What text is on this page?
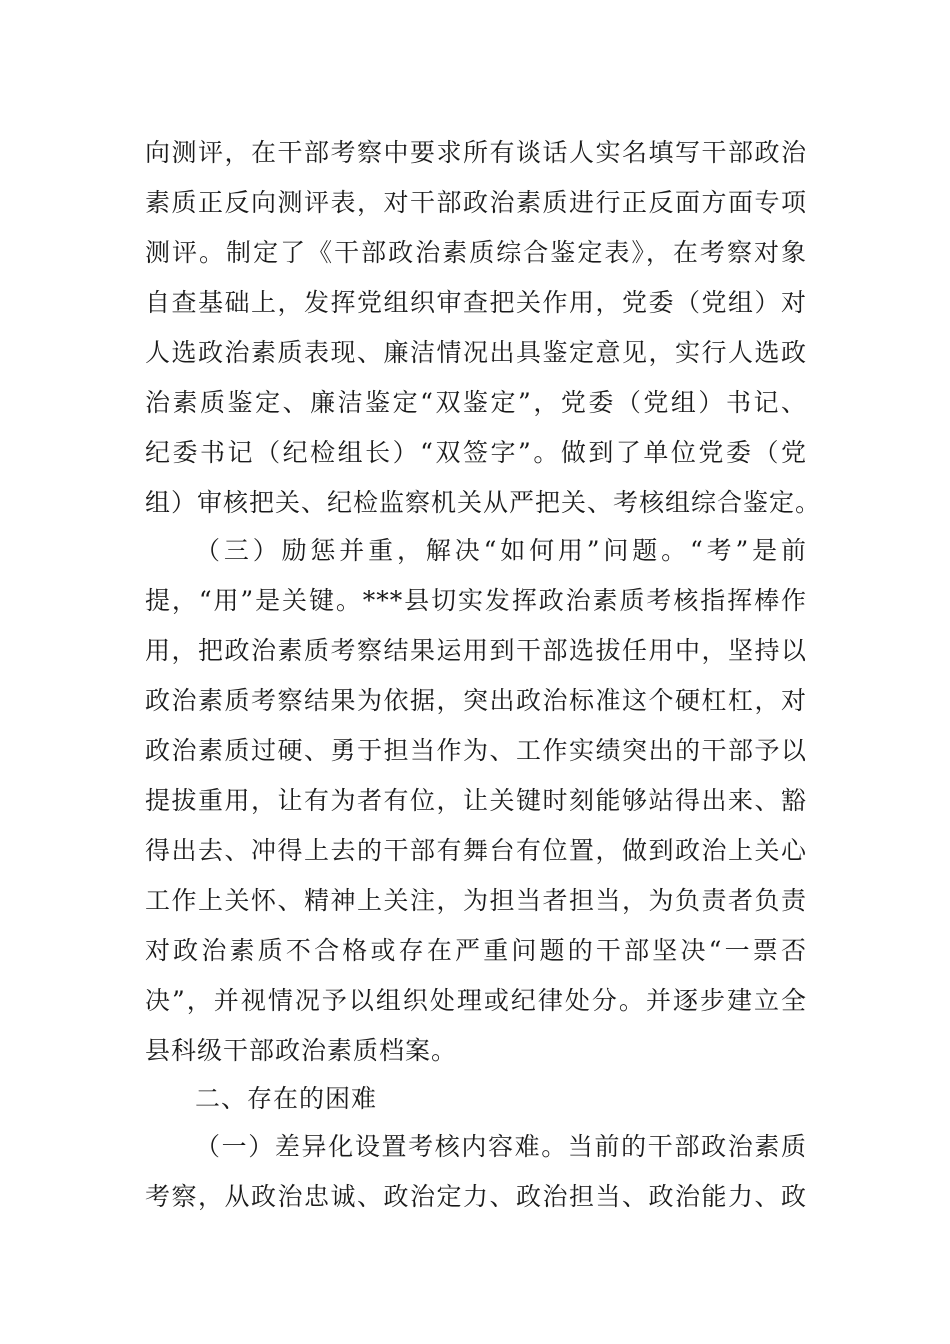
向测评，在干部考察中要求所有谈话人实名填写干部政治
素质正反向测评表，对干部政治素质进行正反面方面专项
测评。制定了《干部政治素质综合鉴定表》，在考察对象
自查基础上，发挥党组织审查把关作用，党委（党组）对
人选政治素质表现、廉洁情况出具鉴定意见，实行人选政
治素质鉴定、廉洁鉴定“双鉴定”，党委（党组）书记、
纪委书记（纪检组长）“双签字”。做到了单位党委（党
组）审核把关、纪检监察机关从严把关、考核组综合鉴定。
（三）励惩并重，解决“如何用”问题。“考”是前
提，“用”是关键。***县切实发挥政治素质考核指挥棒作
用，把政治素质考察结果运用到干部选拔任用中，坚持以
政治素质考察结果为依据，突出政治标准这个硬杠杠，对
政治素质过硬、勇于担当作为、工作实绩突出的干部予以
提拔重用，让有为者有位，让关键时刻能够站得出来、豁
得出去、冲得上去的干部有舞台有位置，做到政治上关心
工作上关怀、精神上关注，为担当者担当，为负责者负责
对政治素质不合格或存在严重问题的干部坚决“一票否
决”，并视情况予以组织处理或纪律处分。并逐步建立全
县科级干部政治素质档案。
二、存在的困难
（一）差异化设置考核内容难。当前的干部政治素质
考察，从政治忠诚、政治定力、政治担当、政治能力、政
